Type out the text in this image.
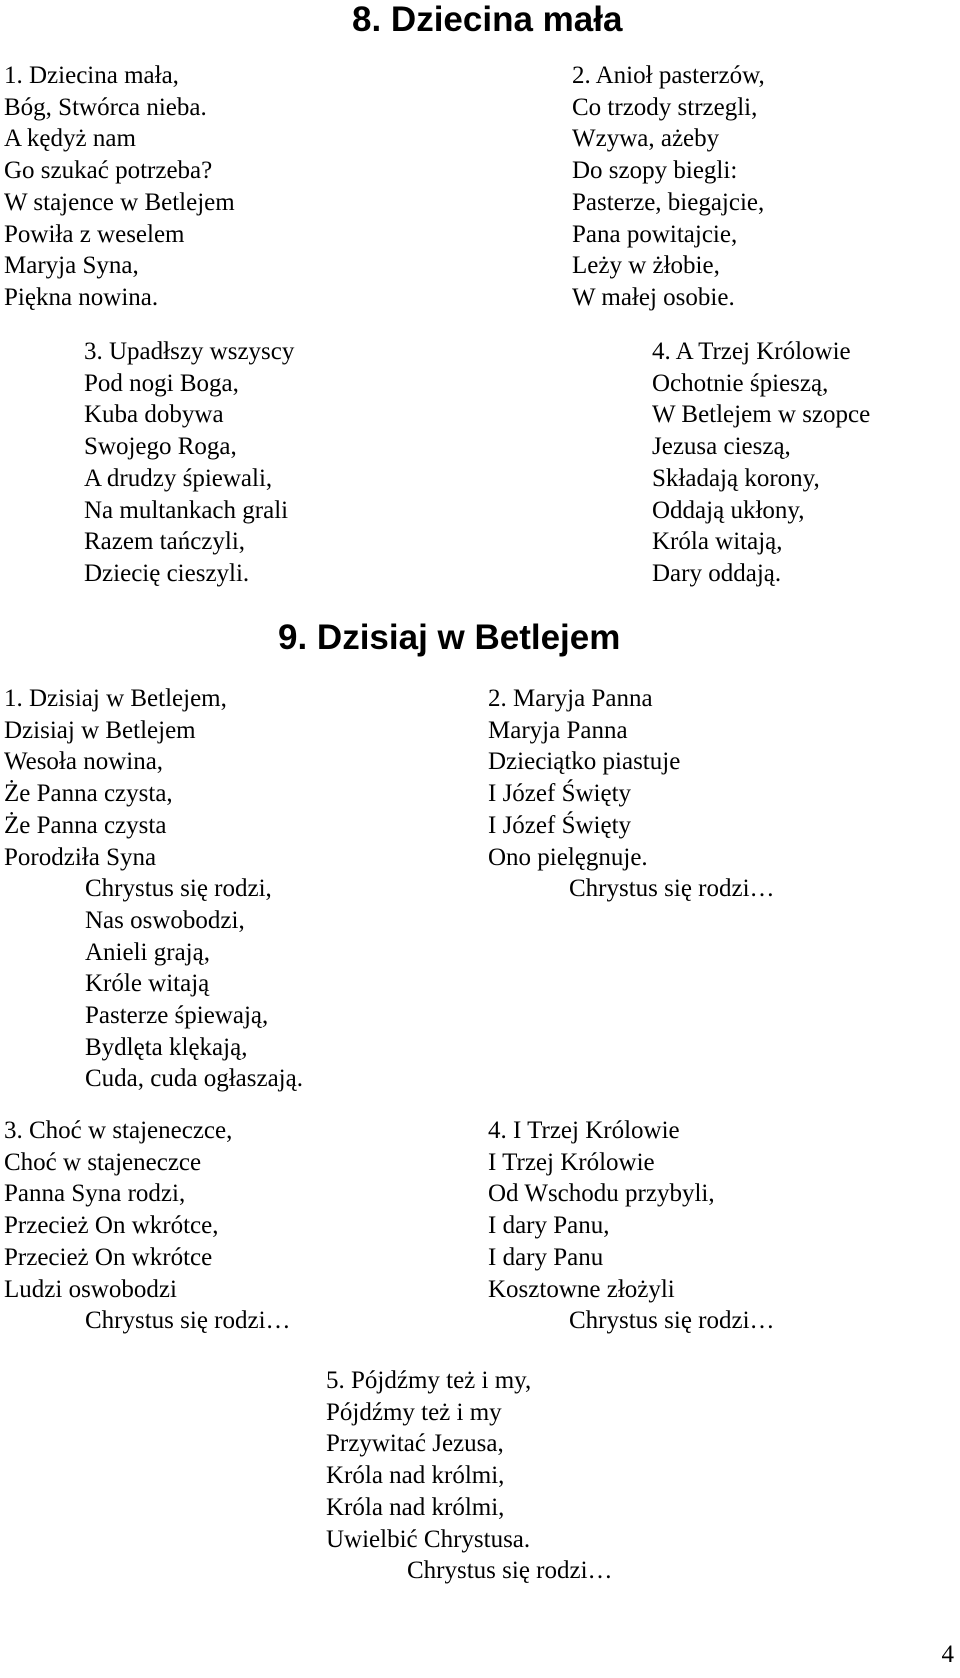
8. Dziecina mała
1. Dziecina mała,
Bóg, Stwórca nieba.
A kędyż nam
Go szukać potrzeba?
W stajence w Betlejem
Powiła z weselem
Maryja Syna,
Piękna nowina.
2. Anioł pasterzów,
Co trzody strzegli,
Wzywa, ażeby
Do szopy biegli:
Pasterze, biegajcie,
Pana powitajcie,
Leży w żłobie,
W małej osobie.
3. Upadłszy wszyscy
Pod nogi Boga,
Kuba dobywa
Swojego Roga,
A drudzy śpiewali,
Na multankach grali
Razem tańczyli,
Dziecię cieszyli.
4. A Trzej Królowie
Ochotnie śpieszą,
W Betlejem w szopce
Jezusa cieszą,
Składają korony,
Oddają ukłony,
Króla witają,
Dary oddają.
9. Dzisiaj w Betlejem
1. Dzisiaj w Betlejem,
Dzisiaj w Betlejem
Wesoła nowina,
Że Panna czysta,
Że Panna czysta
Porodziła Syna
Chrystus się rodzi,
Nas oswobodzi,
Anieli grają,
Króle witają
Pasterze śpiewają,
Bydlęta klękają,
Cuda, cuda ogłaszają.
2. Maryja Panna
Maryja Panna
Dzieciątko piastuje
I Józef Święty
I Józef Święty
Ono pielęgnuje.
Chrystus się rodzi…
3. Choć w stajeneczce,
Choć w stajeneczce
Panna Syna rodzi,
Przecież On wkrótce,
Przecież On wkrótce
Ludzi oswobodzi
Chrystus się rodzi…
4. I Trzej Królowie
I Trzej Królowie
Od Wschodu przybyli,
I dary Panu,
I dary Panu
Kosztowne złożyli
Chrystus się rodzi…
5. Pójdźmy też i my,
Pójdźmy też i my
Przywitać Jezusa,
Króla nad królmi,
Króla nad królmi,
Uwielbić Chrystusa.
Chrystus się rodzi…

4
